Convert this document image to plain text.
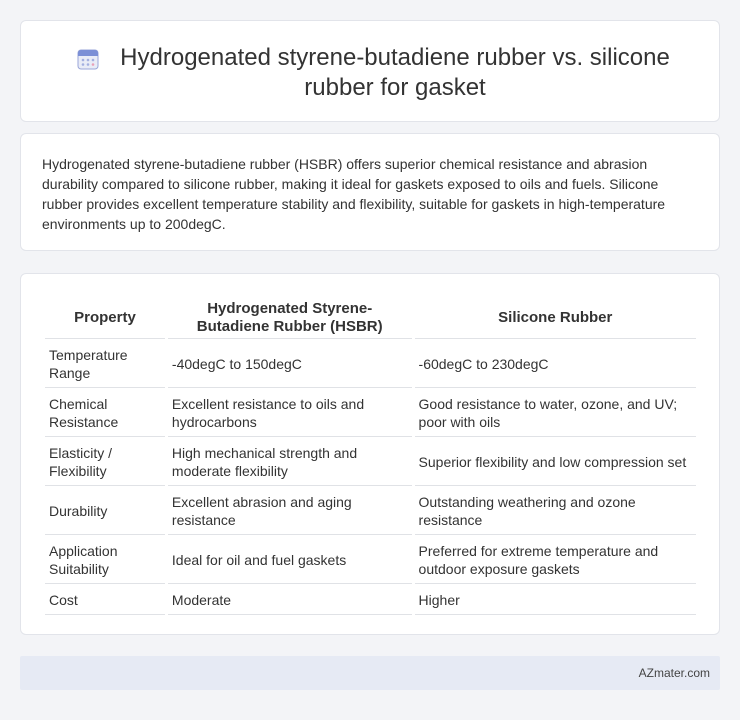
Hydrogenated styrene-butadiene rubber vs. silicone rubber for gasket

Hydrogenated styrene-butadiene rubber (HSBR) offers superior chemical resistance and abrasion durability compared to silicone rubber, making it ideal for gaskets exposed to oils and fuels. Silicone rubber provides excellent temperature stability and flexibility, suitable for gaskets in high-temperature environments up to 200degC.

Property	Hydrogenated Styrene-Butadiene Rubber (HSBR)	Silicone Rubber
Temperature Range	-40degC to 150degC	-60degC to 230degC
Chemical Resistance	Excellent resistance to oils and hydrocarbons	Good resistance to water, ozone, and UV; poor with oils
Elasticity / Flexibility	High mechanical strength and moderate flexibility	Superior flexibility and low compression set
Durability	Excellent abrasion and aging resistance	Outstanding weathering and ozone resistance
Application Suitability	Ideal for oil and fuel gaskets	Preferred for extreme temperature and outdoor exposure gaskets
Cost	Moderate	Higher
AZmater.com
